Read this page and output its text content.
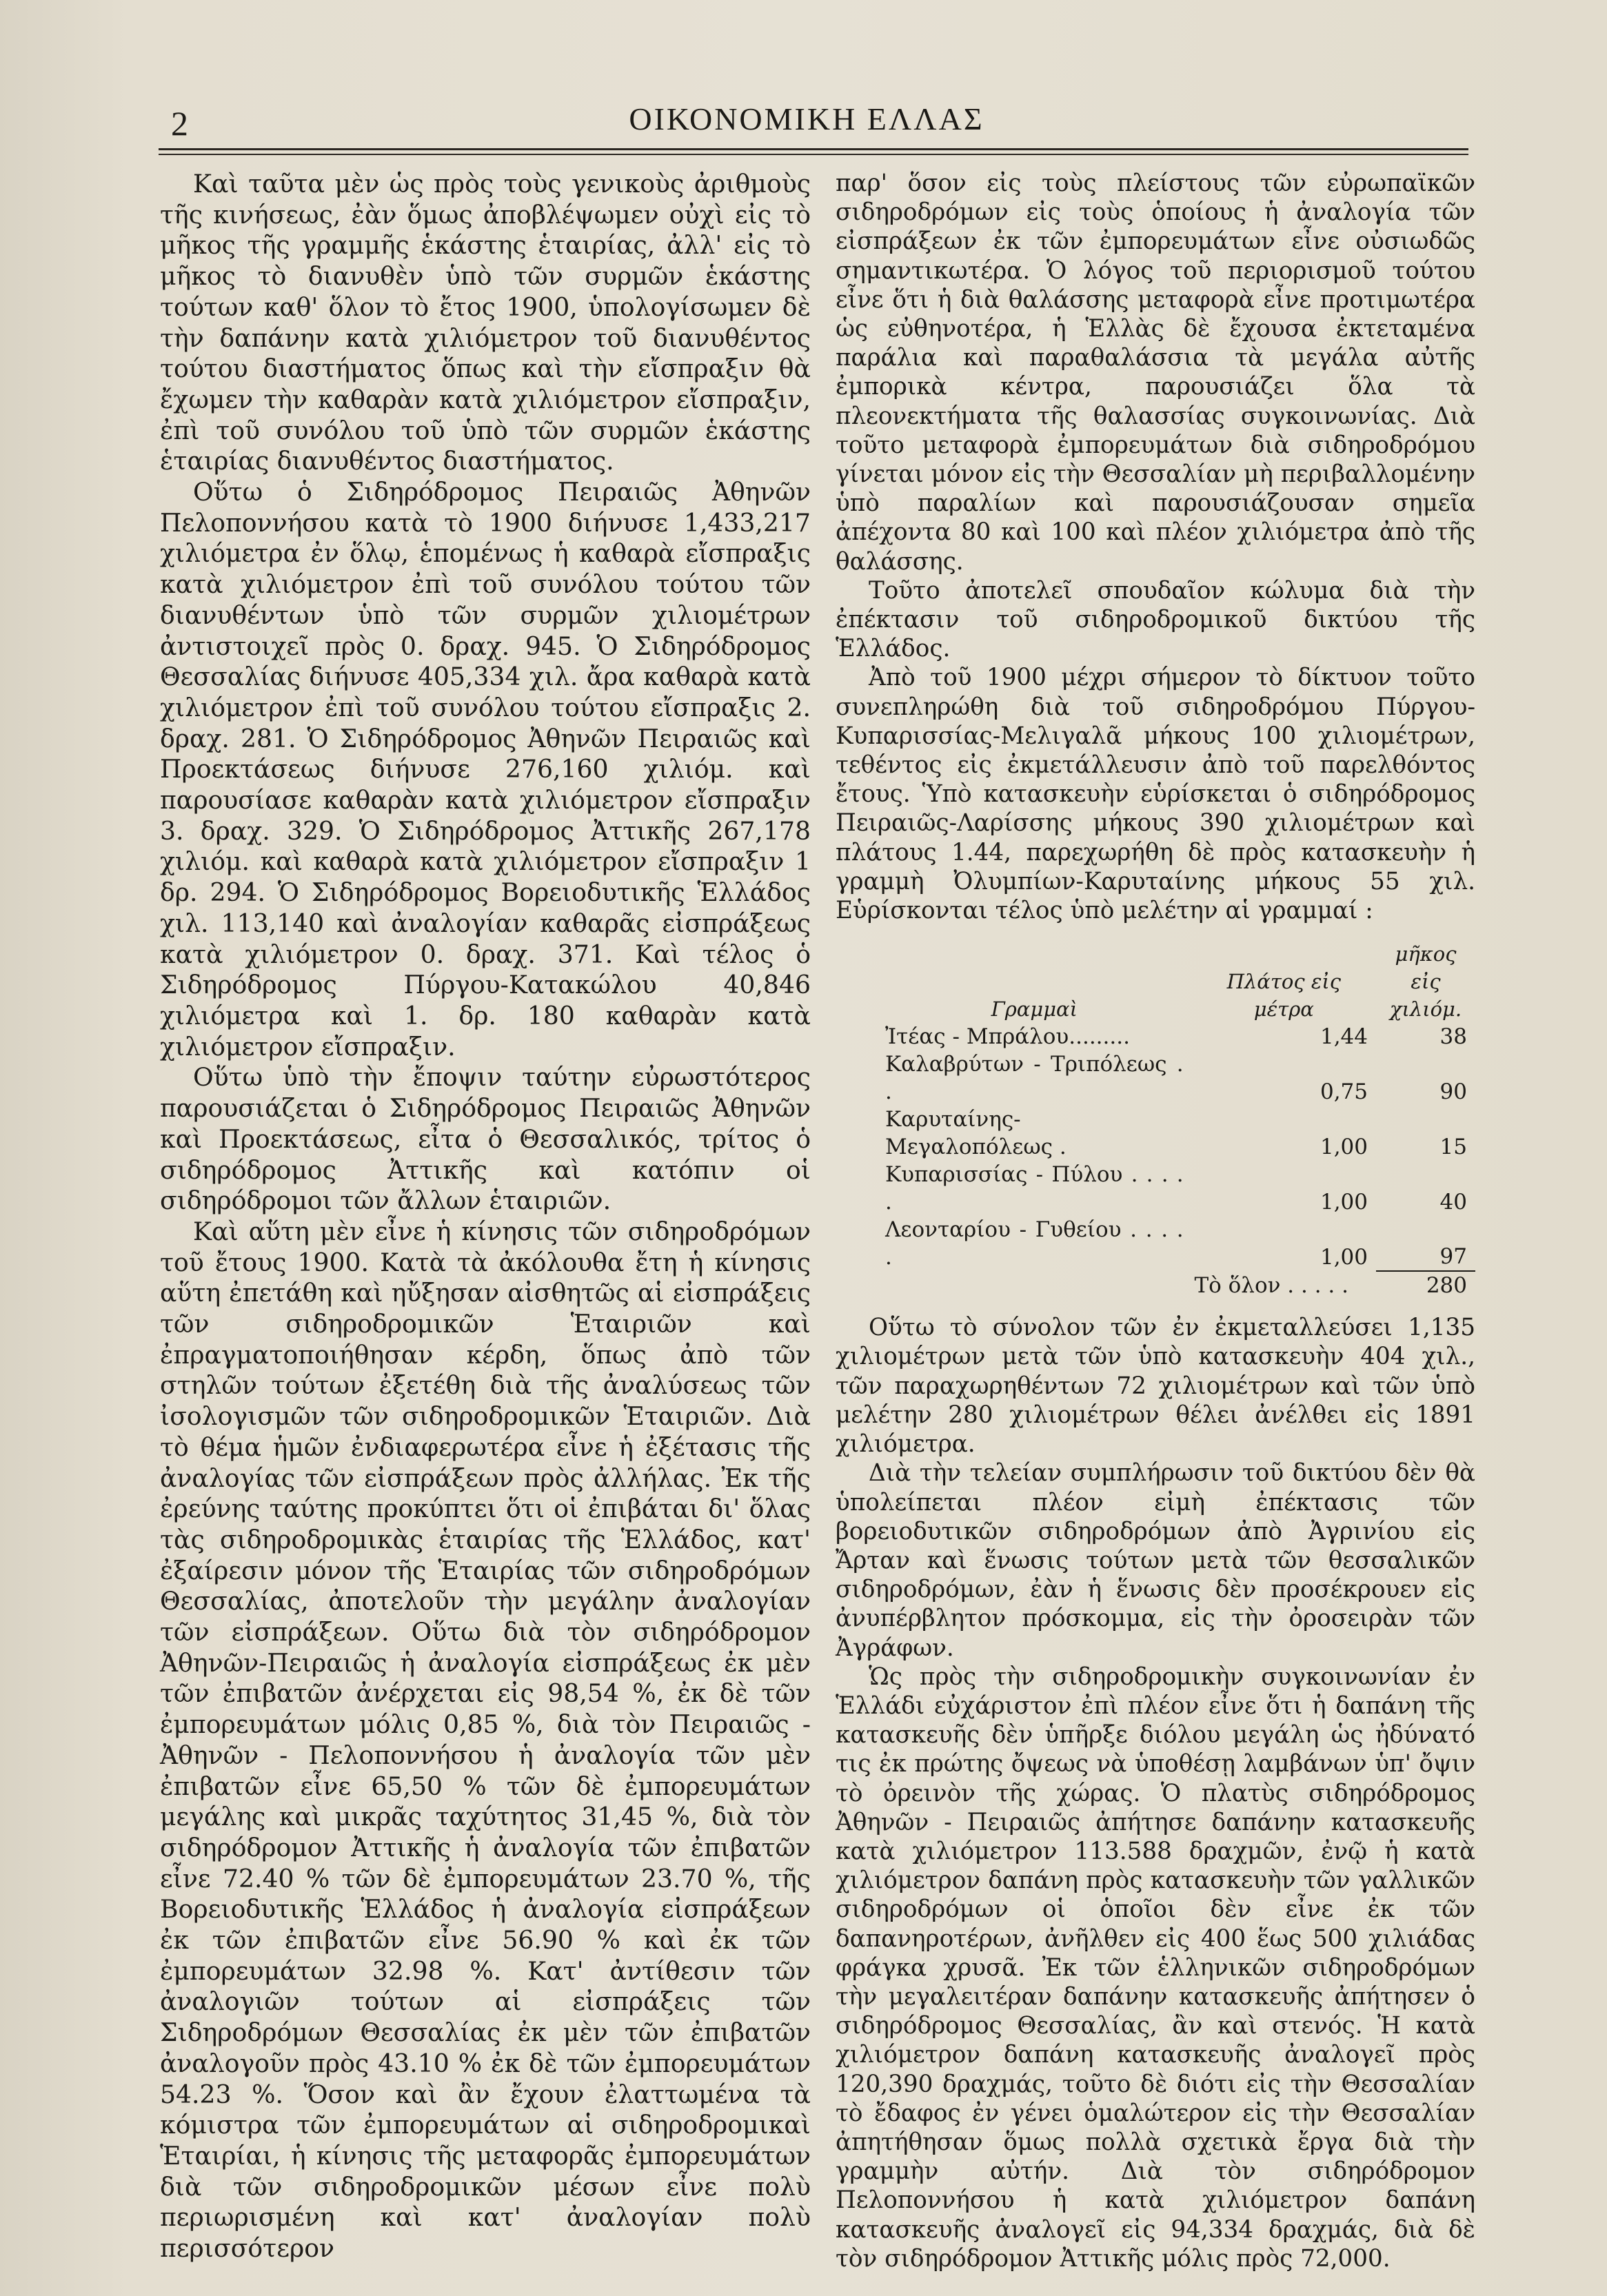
2	ΟΙΚΟΝΟΜΙΚΗ ΕΛΛΑΣ

Καὶ ταῦτα μὲν ὡς πρὸς τοὺς γενικοὺς ἀριθμοὺς τῆς κινήσεως, ἐὰν ὅμως ἀποβλέψωμεν οὐχὶ εἰς τὸ μῆκος τῆς γραμμῆς ἑκάστης ἑταιρίας, ἀλλ' εἰς τὸ μῆκος τὸ διανυθὲν ὑπὸ τῶν συρμῶν ἑκάστης τούτων καθ' ὅλον τὸ ἔτος 1900, ὑπολογίσωμεν δὲ τὴν δαπάνην κατὰ χιλιόμετρον τοῦ διανυθέντος τούτου διαστήματος ὅπως καὶ τὴν εἴσπραξιν θὰ ἔχωμεν τὴν καθαρὰν κατὰ χιλιόμετρον εἴσπραξιν, ἐπὶ τοῦ συνόλου τοῦ ὑπὸ τῶν συρμῶν ἑκάστης ἑταιρίας διανυθέντος διαστήματος.

Οὕτω ὁ Σιδηρόδρομος Πειραιῶς Ἀθηνῶν Πελοποννήσου κατὰ τὸ 1900 διήνυσε 1,433,217 χιλιόμετρα ἐν ὅλῳ, ἑπομένως ἡ καθαρὰ εἴσπραξις κατὰ χιλιόμετρον ἐπὶ τοῦ συνόλου τούτου τῶν διανυθέντων ὑπὸ τῶν συρμῶν χιλιομέτρων ἀντιστοιχεῖ πρὸς 0. δραχ. 945. Ὁ Σιδηρόδρομος Θεσσαλίας διήνυσε 405,334 χιλ. ἄρα καθαρὰ κατὰ χιλιόμετρον ἐπὶ τοῦ συνόλου τούτου εἴσπραξις 2. δραχ. 281. Ὁ Σιδηρόδρομος Ἀθηνῶν Πειραιῶς καὶ Προεκτάσεως διήνυσε 276,160 χιλιόμ. καὶ παρουσίασε καθαρὰν κατὰ χιλιόμετρον εἴσπραξιν 3. δραχ. 329. Ὁ Σιδηρόδρομος Ἀττικῆς 267,178 χιλιόμ. καὶ καθαρὰ κατὰ χιλιόμετρον εἴσπραξιν 1 δρ. 294. Ὁ Σιδηρόδρομος Βορειοδυτικῆς Ἑλλάδος χιλ. 113,140 καὶ ἀναλογίαν καθαρᾶς εἰσπράξεως κατὰ χιλιόμετρον 0. δραχ. 371. Καὶ τέλος ὁ Σιδηρόδρομος Πύργου-Κατακώλου 40,846 χιλιόμετρα καὶ 1. δρ. 180 καθαρὰν κατὰ χιλιόμετρον εἴσπραξιν.

Οὕτω ὑπὸ τὴν ἔποψιν ταύτην εὐρωστότερος παρουσιάζεται ὁ Σιδηρόδρομος Πειραιῶς Ἀθηνῶν καὶ Προεκτάσεως, εἶτα ὁ Θεσσαλικός, τρίτος ὁ σιδηρόδρομος Ἀττικῆς καὶ κατόπιν οἱ σιδηρόδρομοι τῶν ἄλλων ἑταιριῶν.

Καὶ αὕτη μὲν εἶνε ἡ κίνησις τῶν σιδηροδρόμων τοῦ ἔτους 1900. Κατὰ τὰ ἀκόλουθα ἔτη ἡ κίνησις αὕτη ἐπετάθη καὶ ηὔξησαν αἰσθητῶς αἱ εἰσπράξεις τῶν σιδηροδρομικῶν Ἑταιριῶν καὶ ἐπραγματοποιήθησαν κέρδη, ὅπως ἀπὸ τῶν στηλῶν τούτων ἐξετέθη διὰ τῆς ἀναλύσεως τῶν ἰσολογισμῶν τῶν σιδηροδρομικῶν Ἑταιριῶν. Διὰ τὸ θέμα ἡμῶν ἐνδιαφερωτέρα εἶνε ἡ ἐξέτασις τῆς ἀναλογίας τῶν εἰσπράξεων πρὸς ἀλλήλας. Ἐκ τῆς ἐρεύνης ταύτης προκύπτει ὅτι οἱ ἐπιβάται δι' ὅλας τὰς σιδηροδρομικὰς ἑταιρίας τῆς Ἑλλάδος, κατ' ἐξαίρεσιν μόνον τῆς Ἑταιρίας τῶν σιδηροδρόμων Θεσσαλίας, ἀποτελοῦν τὴν μεγάλην ἀναλογίαν τῶν εἰσπράξεων. Οὕτω διὰ τὸν σιδηρόδρομον Ἀθηνῶν-Πειραιῶς ἡ ἀναλογία εἰσπράξεως ἐκ μὲν τῶν ἐπιβατῶν ἀνέρχεται εἰς 98,54 %, ἐκ δὲ τῶν ἐμπορευμάτων μόλις 0,85 %, διὰ τὸν Πειραιῶς - Ἀθηνῶν - Πελοποννήσου ἡ ἀναλογία τῶν μὲν ἐπιβατῶν εἶνε 65,50 % τῶν δὲ ἐμπορευμάτων μεγάλης καὶ μικρᾶς ταχύτητος 31,45 %, διὰ τὸν σιδηρόδρομον Ἀττικῆς ἡ ἀναλογία τῶν ἐπιβατῶν εἶνε 72.40 % τῶν δὲ ἐμπορευμάτων 23.70 %, τῆς Βορειοδυτικῆς Ἑλλάδος ἡ ἀναλογία εἰσπράξεων ἐκ τῶν ἐπιβατῶν εἶνε 56.90 % καὶ ἐκ τῶν ἐμπορευμάτων 32.98 %. Κατ' ἀντίθεσιν τῶν ἀναλογιῶν τούτων αἱ εἰσπράξεις τῶν Σιδηροδρόμων Θεσσαλίας ἐκ μὲν τῶν ἐπιβατῶν ἀναλογοῦν πρὸς 43.10 % ἐκ δὲ τῶν ἐμπορευμάτων 54.23 %. Ὅσον καὶ ἂν ἔχουν ἐλαττωμένα τὰ κόμιστρα τῶν ἐμπορευμάτων αἱ σιδηροδρομικαὶ Ἑταιρίαι, ἡ κίνησις τῆς μεταφορᾶς ἐμπορευμάτων διὰ τῶν σιδηροδρομικῶν μέσων εἶνε πολὺ περιωρισμένη καὶ κατ' ἀναλογίαν πολὺ περισσότερον

παρ' ὅσον εἰς τοὺς πλείστους τῶν εὐρωπαϊκῶν σιδηροδρόμων εἰς τοὺς ὁποίους ἡ ἀναλογία τῶν εἰσπράξεων ἐκ τῶν ἐμπορευμάτων εἶνε οὐσιωδῶς σημαντικωτέρα. Ὁ λόγος τοῦ περιορισμοῦ τούτου εἶνε ὅτι ἡ διὰ θαλάσσης μεταφορὰ εἶνε προτιμωτέρα ὡς εὐθηνοτέρα, ἡ Ἑλλὰς δὲ ἔχουσα ἐκτεταμένα παράλια καὶ παραθαλάσσια τὰ μεγάλα αὐτῆς ἐμπορικὰ κέντρα, παρουσιάζει ὅλα τὰ πλεονεκτήματα τῆς θαλασσίας συγκοινωνίας. Διὰ τοῦτο μεταφορὰ ἐμπορευμάτων διὰ σιδηροδρόμου γίνεται μόνον εἰς τὴν Θεσσαλίαν μὴ περιβαλλομένην ὑπὸ παραλίων καὶ παρουσιάζουσαν σημεῖα ἀπέχοντα 80 καὶ 100 καὶ πλέον χιλιόμετρα ἀπὸ τῆς θαλάσσης.

Τοῦτο ἀποτελεῖ σπουδαῖον κώλυμα διὰ τὴν ἐπέκτασιν τοῦ σιδηροδρομικοῦ δικτύου τῆς Ἑλλάδος.

Ἀπὸ τοῦ 1900 μέχρι σήμερον τὸ δίκτυον τοῦτο συνεπληρώθη διὰ τοῦ σιδηροδρόμου Πύργου-Κυπαρισσίας-Μελιγαλᾶ μήκους 100 χιλιομέτρων, τεθέντος εἰς ἐκμετάλλευσιν ἀπὸ τοῦ παρελθόντος ἔτους. Ὑπὸ κατασκευὴν εὑρίσκεται ὁ σιδηρόδρομος Πειραιῶς-Λαρίσσης μήκους 390 χιλιομέτρων καὶ πλάτους 1.44, παρεχωρήθη δὲ πρὸς κατασκευὴν ἡ γραμμὴ Ὀλυμπίων-Καρυταίνης μήκους 55 χιλ. Εὑρίσκονται τέλος ὑπὸ μελέτην αἱ γραμμαί :

Γραμμαὶ	Πλάτος εἰς μέτρα	μῆκος εἰς χιλιόμ.
Ἰτέας - Μπράλου.........	1,44	38
Καλαβρύτων - Τριπόλεως . .	0,75	90
Καρυταίνης-Μεγαλοπόλεως .	1,00	15
Κυπαρισσίας - Πύλου . . . . .	1,00	40
Λεονταρίου - Γυθείου . . . . .	1,00	97
Τὸ ὅλον . . . . .		280

Οὕτω τὸ σύνολον τῶν ἐν ἐκμεταλλεύσει 1,135 χιλιομέτρων μετὰ τῶν ὑπὸ κατασκευὴν 404 χιλ., τῶν παραχωρηθέντων 72 χιλιομέτρων καὶ τῶν ὑπὸ μελέτην 280 χιλιομέτρων θέλει ἀνέλθει εἰς 1891 χιλιόμετρα.

Διὰ τὴν τελείαν συμπλήρωσιν τοῦ δικτύου δὲν θὰ ὑπολείπεται πλέον εἰμὴ ἐπέκτασις τῶν βορειοδυτικῶν σιδηροδρόμων ἀπὸ Ἀγρινίου εἰς Ἄρταν καὶ ἕνωσις τούτων μετὰ τῶν θεσσαλικῶν σιδηροδρόμων, ἐὰν ἡ ἕνωσις δὲν προσέκρουεν εἰς ἀνυπέρβλητον πρόσκομμα, εἰς τὴν ὀροσειρὰν τῶν Ἀγράφων.

Ὡς πρὸς τὴν σιδηροδρομικὴν συγκοινωνίαν ἐν Ἑλλάδι εὐχάριστον ἐπὶ πλέον εἶνε ὅτι ἡ δαπάνη τῆς κατασκευῆς δὲν ὑπῆρξε διόλου μεγάλη ὡς ἠδύνατό τις ἐκ πρώτης ὄψεως νὰ ὑποθέσῃ λαμβάνων ὑπ' ὄψιν τὸ ὀρεινὸν τῆς χώρας. Ὁ πλατὺς σιδηρόδρομος Ἀθηνῶν - Πειραιῶς ἀπήτησε δαπάνην κατασκευῆς κατὰ χιλιόμετρον 113.588 δραχμῶν, ἐνῷ ἡ κατὰ χιλιόμετρον δαπάνη πρὸς κατασκευὴν τῶν γαλλικῶν σιδηροδρόμων οἱ ὁποῖοι δὲν εἶνε ἐκ τῶν δαπανηροτέρων, ἀνῆλθεν εἰς 400 ἕως 500 χιλιάδας φράγκα χρυσᾶ. Ἐκ τῶν ἑλληνικῶν σιδηροδρόμων τὴν μεγαλειτέραν δαπάνην κατασκευῆς ἀπήτησεν ὁ σιδηρόδρομος Θεσσαλίας, ἂν καὶ στενός. Ἡ κατὰ χιλιόμετρον δαπάνη κατασκευῆς ἀναλογεῖ πρὸς 120,390 δραχμάς, τοῦτο δὲ διότι εἰς τὴν Θεσσαλίαν τὸ ἔδαφος ἐν γένει ὁμαλώτερον εἰς τὴν Θεσσαλίαν ἀπητήθησαν ὅμως πολλὰ σχετικὰ ἔργα διὰ τὴν γραμμὴν αὐτήν. Διὰ τὸν σιδηρόδρομον Πελοποννήσου ἡ κατὰ χιλιόμετρον δαπάνη κατασκευῆς ἀναλογεῖ εἰς 94,334 δραχμάς, διὰ δὲ τὸν σιδηρόδρομον Ἀττικῆς μόλις πρὸς 72,000.
